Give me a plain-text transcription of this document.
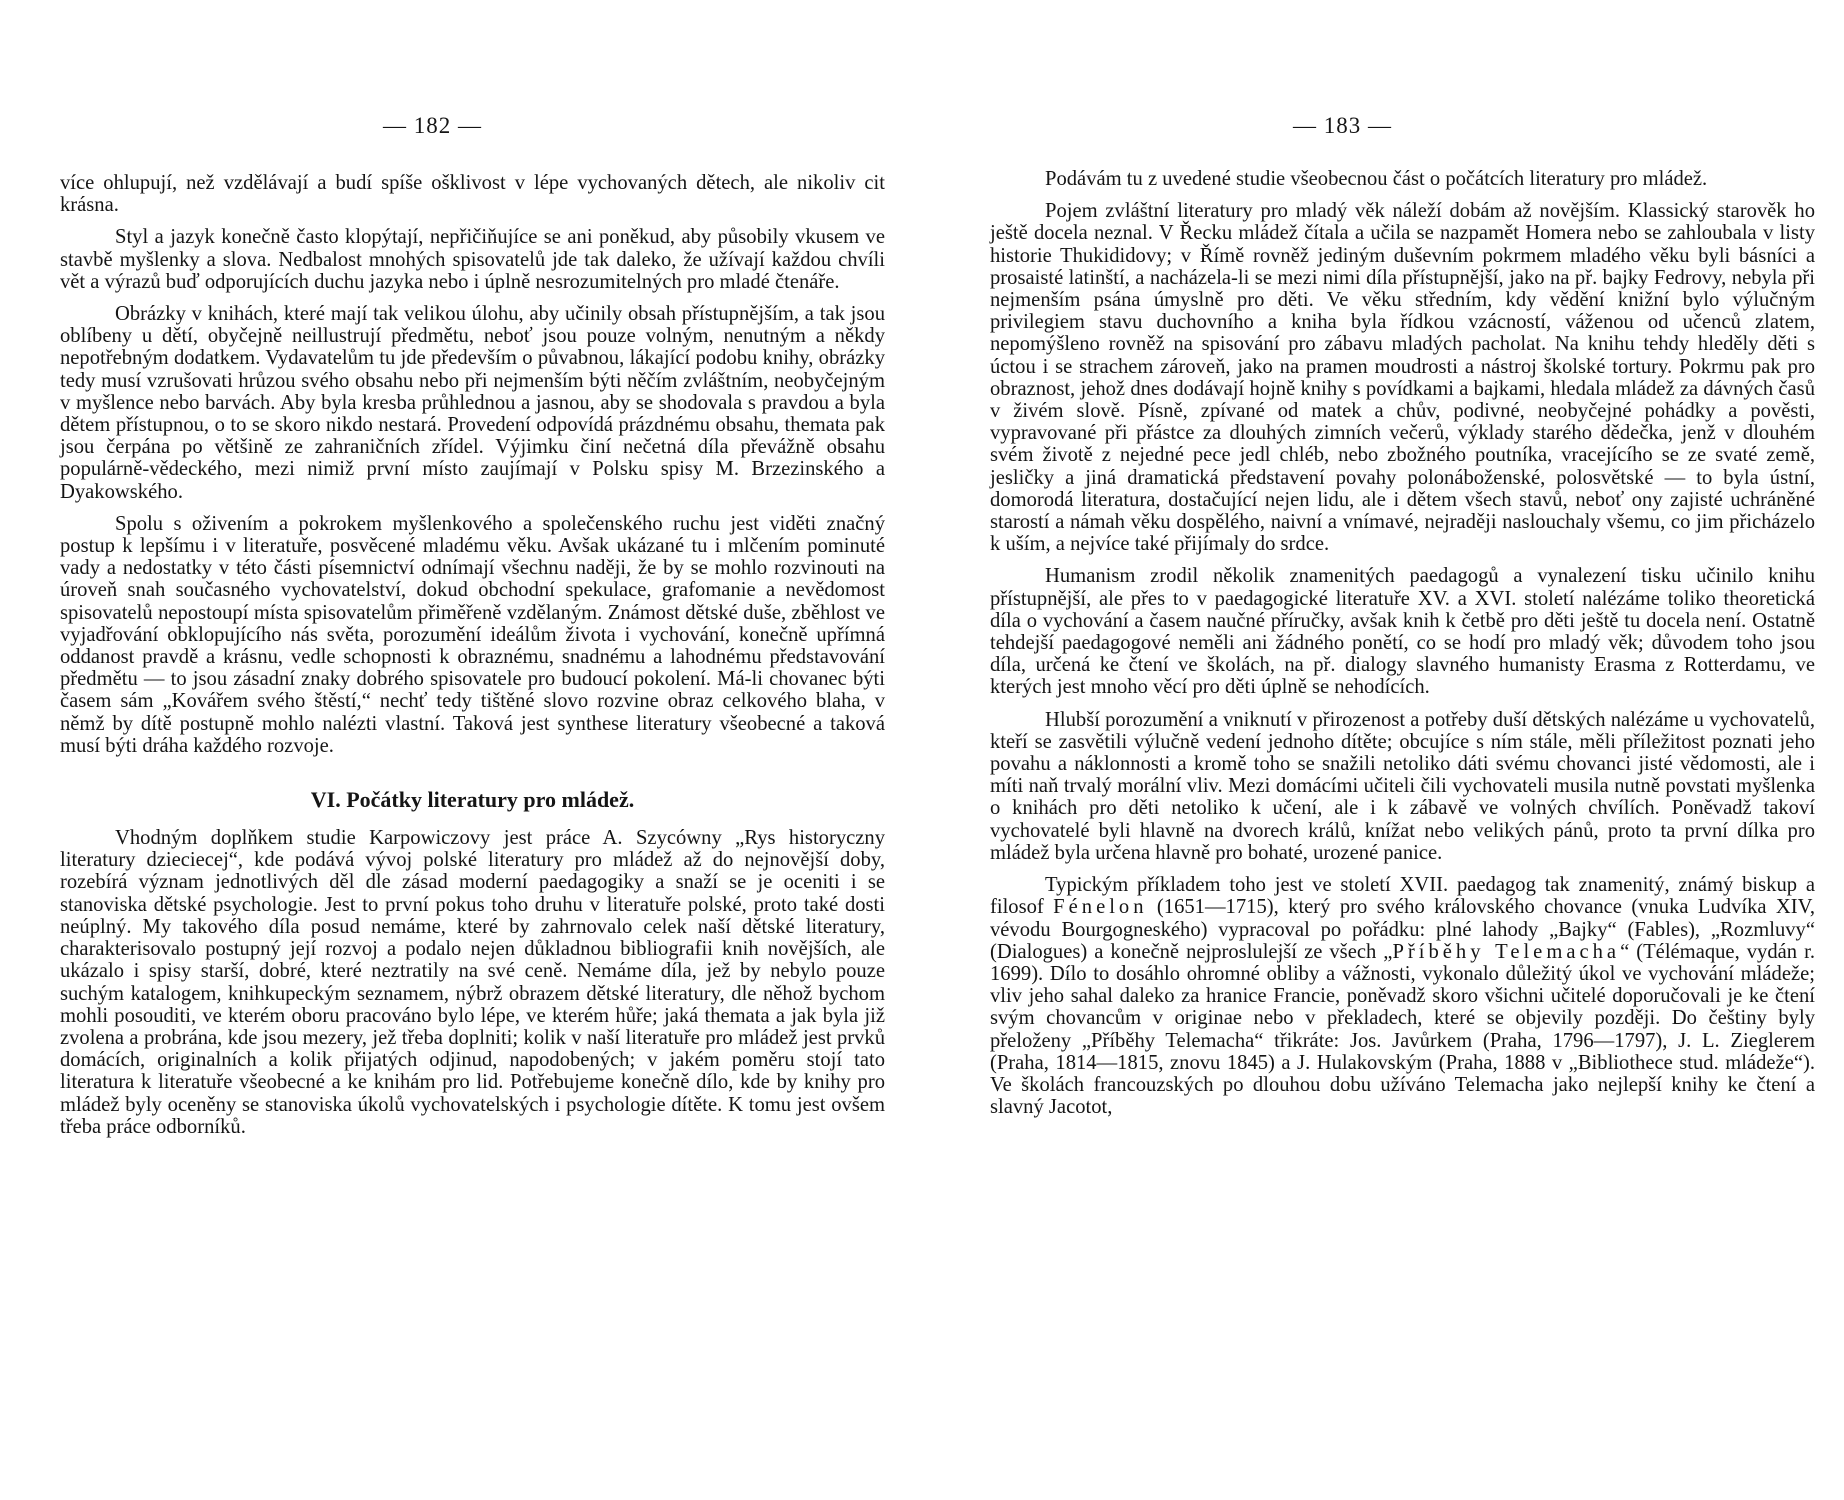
— 182 —

více ohlupují, než vzdělávají a budí spíše ošklivost v lépe vychovaných dětech, ale nikoliv cit krásna.

Styl a jazyk konečně často klopýtají, nepřičiňujíce se ani poněkud, aby působily vkusem ve stavbě myšlenky a slova. Nedbalost mnohých spisovatelů jde tak daleko, že užívají každou chvíli vět a výrazů buď odporujících duchu jazyka nebo i úplně nesrozumitelných pro mladé čtenáře.

Obrázky v knihách, které mají tak velikou úlohu, aby učinily obsah přístupnějším, a tak jsou oblíbeny u dětí, obyčejně neillustrují předmětu, neboť jsou pouze volným, nenutným a někdy nepotřebným dodatkem. Vydavatelům tu jde především o půvabnou, lákající podobu knihy, obrázky tedy musí vzrušovati hrůzou svého obsahu nebo při nejmenším býti něčím zvláštním, neobyčejným v myšlence nebo barvách. Aby byla kresba průhlednou a jasnou, aby se shodovala s pravdou a byla dětem přístupnou, o to se skoro nikdo nestará. Provedení odpovídá prázdnému obsahu, themata pak jsou čerpána po většině ze zahraničních zřídel. Výjimku činí nečetná díla převážně obsahu populárně-vědeckého, mezi nimiž první místo zaujímají v Polsku spisy M. Brzezinského a Dyakowského.

Spolu s oživením a pokrokem myšlenkového a společenského ruchu jest viděti značný postup k lepšímu i v literatuře, posvěcené mladému věku. Avšak ukázané tu i mlčením pominuté vady a nedostatky v této části písemnictví odnímají všechnu naději, že by se mohlo rozvinouti na úroveň snah současného vychovatelství, dokud obchodní spekulace, grafomanie a nevědomost spisovatelů nepostoupí místa spisovatelům přiměřeně vzdělaným. Známost dětské duše, zběhlost ve vyjadřování obklopujícího nás světa, porozumění ideálům života i vychování, konečně upřímná oddanost pravdě a krásnu, vedle schopnosti k obraznému, snadnému a lahodnému představování předmětu — to jsou zásadní znaky dobrého spisovatele pro budoucí pokolení. Má-li chovanec býti časem sám „Kovářem svého štěstí,“ nechť tedy tištěné slovo rozvine obraz celkového blaha, v němž by dítě postupně mohlo nalézti vlastní. Taková jest synthese literatury všeobecné a taková musí býti dráha každého rozvoje.

VI. Počátky literatury pro mládež.

Vhodným doplňkem studie Karpowiczovy jest práce A. Szycówny „Rys historyczny literatury dzieciecej“, kde podává vývoj polské literatury pro mládež až do nejnovější doby, rozebírá význam jednotlivých děl dle zásad moderní paedagogiky a snaží se je oceniti i se stanoviska dětské psychologie. Jest to první pokus toho druhu v literatuře polské, proto také dosti neúplný. My takového díla posud nemáme, které by zahrnovalo celek naší dětské literatury, charakterisovalo postupný její rozvoj a podalo nejen důkladnou bibliografii knih novějších, ale ukázalo i spisy starší, dobré, které neztratily na své ceně. Nemáme díla, jež by nebylo pouze suchým katalogem, knihkupeckým seznamem, nýbrž obrazem dětské literatury, dle něhož bychom mohli posouditi, ve kterém oboru pracováno bylo lépe, ve kterém hůře; jaká themata a jak byla již zvolena a probrána, kde jsou mezery, jež třeba doplniti; kolik v naší literatuře pro mládež jest prvků domácích, originalních a kolik přijatých odjinud, napodobených; v jakém poměru stojí tato literatura k literatuře všeobecné a ke knihám pro lid. Potřebujeme konečně dílo, kde by knihy pro mládež byly oceněny se stanoviska úkolů vychovatelských i psychologie dítěte. K tomu jest ovšem třeba práce odborníků.

— 183 —

Podávám tu z uvedené studie všeobecnou část o počátcích literatury pro mládež.

Pojem zvláštní literatury pro mladý věk náleží dobám až novějším. Klassický starověk ho ještě docela neznal. V Řecku mládež čítala a učila se nazpamět Homera nebo se zahloubala v listy historie Thukididovy; v Římě rovněž jediným duševním pokrmem mladého věku byli básníci a prosaisté latinští, a nacházela-li se mezi nimi díla přístupnější, jako na př. bajky Fedrovy, nebyla při nejmenším psána úmyslně pro děti. Ve věku středním, kdy vědění knižní bylo výlučným privilegiem stavu duchovního a kniha byla řídkou vzácností, váženou od učenců zlatem, nepomýšleno rovněž na spisování pro zábavu mladých pacholat. Na knihu tehdy hleděly děti s úctou i se strachem zároveň, jako na pramen moudrosti a nástroj školské tortury. Pokrmu pak pro obraznost, jehož dnes dodávají hojně knihy s povídkami a bajkami, hledala mládež za dávných časů v živém slově. Písně, zpívané od matek a chův, podivné, neobyčejné pohádky a pověsti, vypravované při přástce za dlouhých zimních večerů, výklady starého dědečka, jenž v dlouhém svém životě z nejedné pece jedl chléb, nebo zbožného poutníka, vracejícího se ze svaté země, jesličky a jiná dramatická představení povahy polonáboženské, polosvětské — to byla ústní, domorodá literatura, dostačující nejen lidu, ale i dětem všech stavů, neboť ony zajisté uchráněné starostí a námah věku dospělého, naivní a vnímavé, nejraději naslouchaly všemu, co jim přicházelo k uším, a nejvíce také přijímaly do srdce.

Humanism zrodil několik znamenitých paedagogů a vynalezení tisku učinilo knihu přístupnější, ale přes to v paedagogické literatuře XV. a XVI. století nalézáme toliko theoretická díla o vychování a časem naučné příručky, avšak knih k četbě pro děti ještě tu docela není. Ostatně tehdejší paedagogové neměli ani žádného ponětí, co se hodí pro mladý věk; důvodem toho jsou díla, určená ke čtení ve školách, na př. dialogy slavného humanisty Erasma z Rotterdamu, ve kterých jest mnoho věcí pro děti úplně se nehodících.

Hlubší porozumění a vniknutí v přirozenost a potřeby duší dětských nalézáme u vychovatelů, kteří se zasvětili výlučně vedení jednoho dítěte; obcujíce s ním stále, měli příležitost poznati jeho povahu a náklonnosti a kromě toho se snažili netoliko dáti svému chovanci jisté vědomosti, ale i míti naň trvalý morální vliv. Mezi domácími učiteli čili vychovateli musila nutně povstati myšlenka o knihách pro děti netoliko k učení, ale i k zábavě ve volných chvílích. Poněvadž takoví vychovatelé byli hlavně na dvorech králů, knížat nebo velikých pánů, proto ta první dílka pro mládež byla určena hlavně pro bohaté, urozené panice.

Typickým příkladem toho jest ve století XVII. paedagog tak znamenitý, známý biskup a filosof Fénelon (1651—1715), který pro svého královského chovance (vnuka Ludvíka XIV, vévodu Bourgogneského) vypracoval po pořádku: plné lahody „Bajky“ (Fables), „Rozmluvy“ (Dialogues) a konečně nejproslulejší ze všech „Příběhy Telemacha“ (Télémaque, vydán r. 1699). Dílo to dosáhlo ohromné obliby a vážnosti, vykonalo důležitý úkol ve vychování mládeže; vliv jeho sahal daleko za hranice Francie, poněvadž skoro všichni učitelé doporučovali je ke čtení svým chovancům v originae nebo v překladech, které se objevily později. Do češtiny byly přeloženy „Příběhy Telemacha“ třikráte: Jos. Javůrkem (Praha, 1796—1797), J. L. Zieglerem (Praha, 1814—1815, znovu 1845) a J. Hulakovským (Praha, 1888 v „Bibliothece stud. mládeže“). Ve školách francouzských po dlouhou dobu užíváno Telemacha jako nejlepší knihy ke čtení a slavný Jacotot,
